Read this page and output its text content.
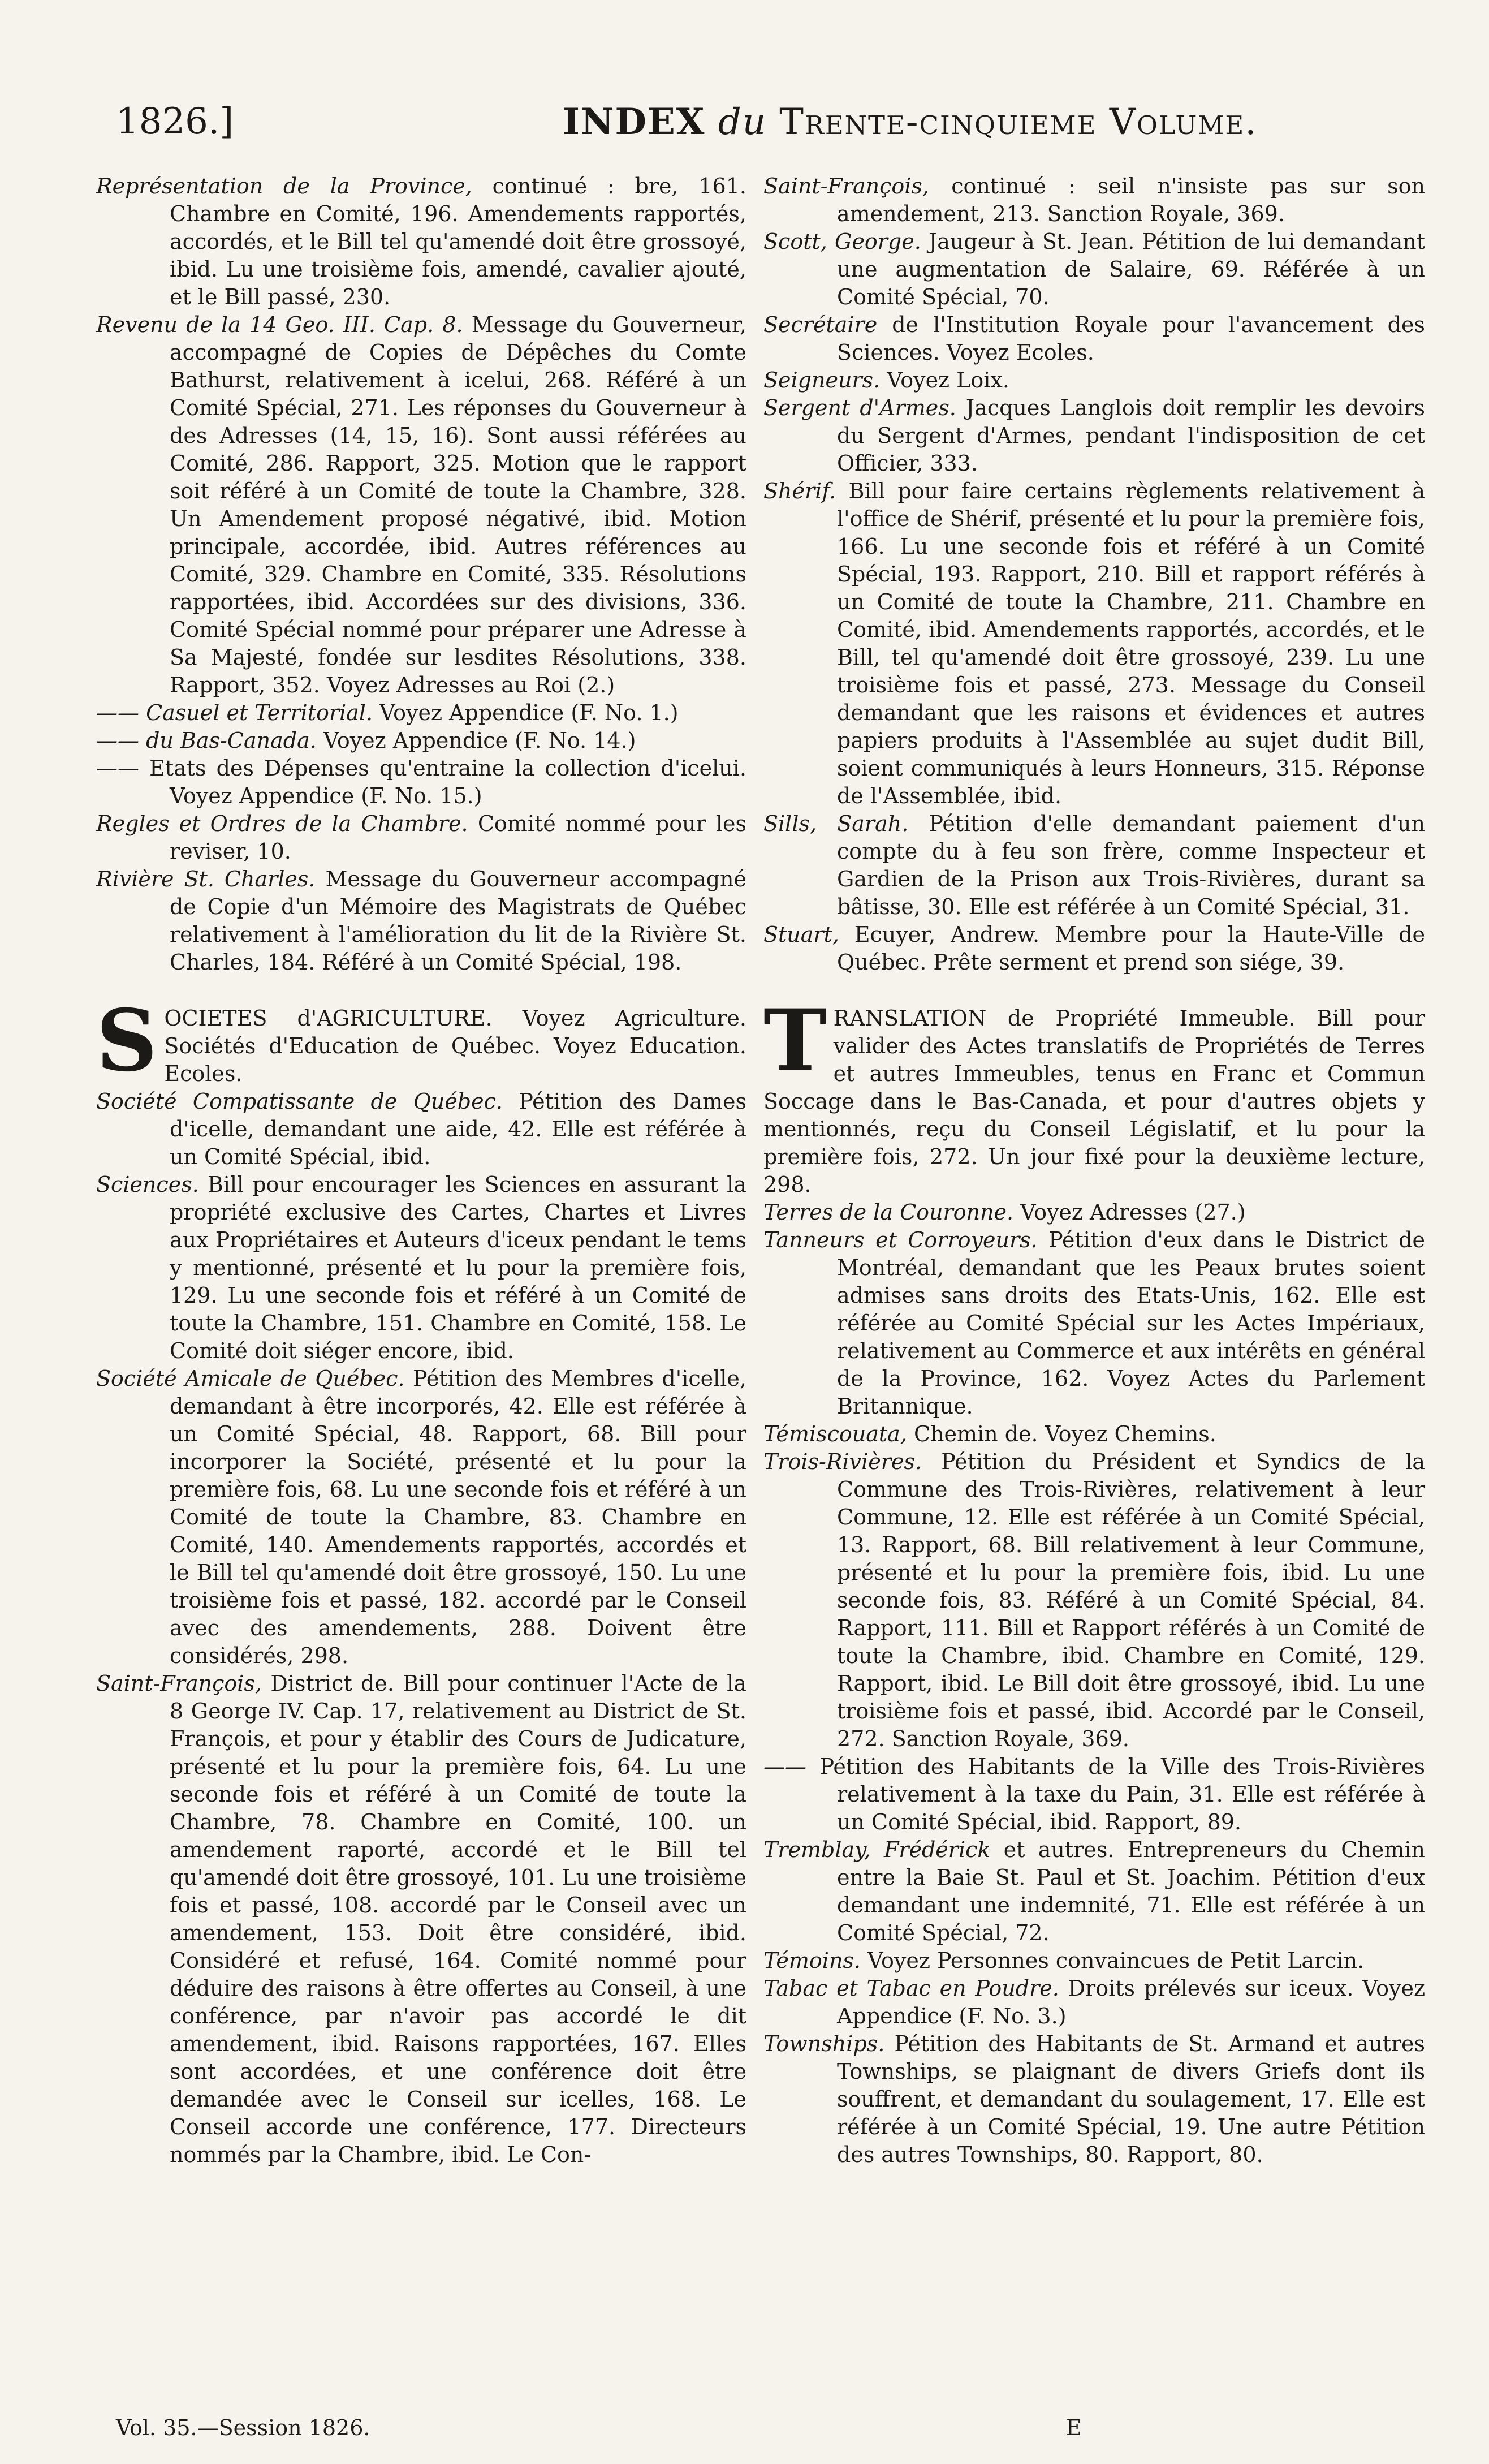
1826.]	INDEX du Trente-cinquieme Volume.

Représentation de la Province, continué : bre, 161. Chambre en Comité, 196. Amendements rapportés, accordés, et le Bill tel qu'amendé doit être grossoyé, ibid. Lu une troisième fois, amendé, cavalier ajouté, et le Bill passé, 230.

Revenu de la 14 Geo. III. Cap. 8. Message du Gouverneur, accompagné de Copies de Dépêches du Comte Bathurst, relativement à icelui, 268. Référé à un Comité Spécial, 271. Les réponses du Gouverneur à des Adresses (14, 15, 16). Sont aussi référées au Comité, 286. Rapport, 325. Motion que le rapport soit référé à un Comité de toute la Chambre, 328. Un Amendement proposé négativé, ibid. Motion principale, accordée, ibid. Autres références au Comité, 329. Chambre en Comité, 335. Résolutions rapportées, ibid. Accordées sur des divisions, 336. Comité Spécial nommé pour préparer une Adresse à Sa Majesté, fondée sur lesdites Résolutions, 338. Rapport, 352. Voyez Adresses au Roi (2.)

—— Casuel et Territorial. Voyez Appendice (F. No. 1.)

—— du Bas-Canada. Voyez Appendice (F. No. 14.)

—— Etats des Dépenses qu'entraine la collection d'icelui. Voyez Appendice (F. No. 15.)

Regles et Ordres de la Chambre. Comité nommé pour les reviser, 10.

Rivière St. Charles. Message du Gouverneur accompagné de Copie d'un Mémoire des Magistrats de Québec relativement à l'amélioration du lit de la Rivière St. Charles, 184. Référé à un Comité Spécial, 198.

SOCIETES d'AGRICULTURE. Voyez Agriculture. Sociétés d'Education de Québec. Voyez Education. Ecoles.

Société Compatissante de Québec. Pétition des Dames d'icelle, demandant une aide, 42. Elle est référée à un Comité Spécial, ibid.

Sciences. Bill pour encourager les Sciences en assurant la propriété exclusive des Cartes, Chartes et Livres aux Propriétaires et Auteurs d'iceux pendant le tems y mentionné, présenté et lu pour la première fois, 129. Lu une seconde fois et référé à un Comité de toute la Chambre, 151. Chambre en Comité, 158. Le Comité doit siéger encore, ibid.

Société Amicale de Québec. Pétition des Membres d'icelle, demandant à être incorporés, 42. Elle est référée à un Comité Spécial, 48. Rapport, 68. Bill pour incorporer la Société, présenté et lu pour la première fois, 68. Lu une seconde fois et référé à un Comité de toute la Chambre, 83. Chambre en Comité, 140. Amendements rapportés, accordés et le Bill tel qu'amendé doit être grossoyé, 150. Lu une troisième fois et passé, 182. accordé par le Conseil avec des amendements, 288. Doivent être considérés, 298.

Saint-François, District de. Bill pour continuer l'Acte de la 8 George IV. Cap. 17, relativement au District de St. François, et pour y établir des Cours de Judicature, présenté et lu pour la première fois, 64. Lu une seconde fois et référé à un Comité de toute la Chambre, 78. Chambre en Comité, 100. un amendement raporté, accordé et le Bill tel qu'amendé doit être grossoyé, 101. Lu une troisième fois et passé, 108. accordé par le Conseil avec un amendement, 153. Doit être considéré, ibid. Considéré et refusé, 164. Comité nommé pour déduire des raisons à être offertes au Conseil, à une conférence, par n'avoir pas accordé le dit amendement, ibid. Raisons rapportées, 167. Elles sont accordées, et une conférence doit être demandée avec le Conseil sur icelles, 168. Le Conseil accorde une conférence, 177. Directeurs nommés par la Chambre, ibid. Le Con-

Saint-François, continué : seil n'insiste pas sur son amendement, 213. Sanction Royale, 369.

Scott, George. Jaugeur à St. Jean. Pétition de lui demandant une augmentation de Salaire, 69. Référée à un Comité Spécial, 70.

Secrétaire de l'Institution Royale pour l'avancement des Sciences. Voyez Ecoles.

Seigneurs. Voyez Loix.

Sergent d'Armes. Jacques Langlois doit remplir les devoirs du Sergent d'Armes, pendant l'indisposition de cet Officier, 333.

Shérif. Bill pour faire certains règlements relativement à l'office de Shérif, présenté et lu pour la première fois, 166. Lu une seconde fois et référé à un Comité Spécial, 193. Rapport, 210. Bill et rapport référés à un Comité de toute la Chambre, 211. Chambre en Comité, ibid. Amendements rapportés, accordés, et le Bill, tel qu'amendé doit être grossoyé, 239. Lu une troisième fois et passé, 273. Message du Conseil demandant que les raisons et évidences et autres papiers produits à l'Assemblée au sujet dudit Bill, soient communiqués à leurs Honneurs, 315. Réponse de l'Assemblée, ibid.

Sills, Sarah. Pétition d'elle demandant paiement d'un compte du à feu son frère, comme Inspecteur et Gardien de la Prison aux Trois-Rivières, durant sa bâtisse, 30. Elle est référée à un Comité Spécial, 31.

Stuart, Ecuyer, Andrew. Membre pour la Haute-Ville de Québec. Prête serment et prend son siége, 39.

TRANSLATION de Propriété Immeuble. Bill pour valider des Actes translatifs de Propriétés de Terres et autres Immeubles, tenus en Franc et Commun Soccage dans le Bas-Canada, et pour d'autres objets y mentionnés, reçu du Conseil Législatif, et lu pour la première fois, 272. Un jour fixé pour la deuxième lecture, 298.

Terres de la Couronne. Voyez Adresses (27.)

Tanneurs et Corroyeurs. Pétition d'eux dans le District de Montréal, demandant que les Peaux brutes soient admises sans droits des Etats-Unis, 162. Elle est référée au Comité Spécial sur les Actes Impériaux, relativement au Commerce et aux intérêts en général de la Province, 162. Voyez Actes du Parlement Britannique.

Témiscouata, Chemin de. Voyez Chemins.

Trois-Rivières. Pétition du Président et Syndics de la Commune des Trois-Rivières, relativement à leur Commune, 12. Elle est référée à un Comité Spécial, 13. Rapport, 68. Bill relativement à leur Commune, présenté et lu pour la première fois, ibid. Lu une seconde fois, 83. Référé à un Comité Spécial, 84. Rapport, 111. Bill et Rapport référés à un Comité de toute la Chambre, ibid. Chambre en Comité, 129. Rapport, ibid. Le Bill doit être grossoyé, ibid. Lu une troisième fois et passé, ibid. Accordé par le Conseil, 272. Sanction Royale, 369.

—— Pétition des Habitants de la Ville des Trois-Rivières relativement à la taxe du Pain, 31. Elle est référée à un Comité Spécial, ibid. Rapport, 89.

Tremblay, Frédérick et autres. Entrepreneurs du Chemin entre la Baie St. Paul et St. Joachim. Pétition d'eux demandant une indemnité, 71. Elle est référée à un Comité Spécial, 72.

Témoins. Voyez Personnes convaincues de Petit Larcin.

Tabac et Tabac en Poudre. Droits prélevés sur iceux. Voyez Appendice (F. No. 3.)

Townships. Pétition des Habitants de St. Armand et autres Townships, se plaignant de divers Griefs dont ils souffrent, et demandant du soulagement, 17. Elle est référée à un Comité Spécial, 19. Une autre Pétition des autres Townships, 80. Rapport, 80.

Vol. 35.—Session 1826.	E
